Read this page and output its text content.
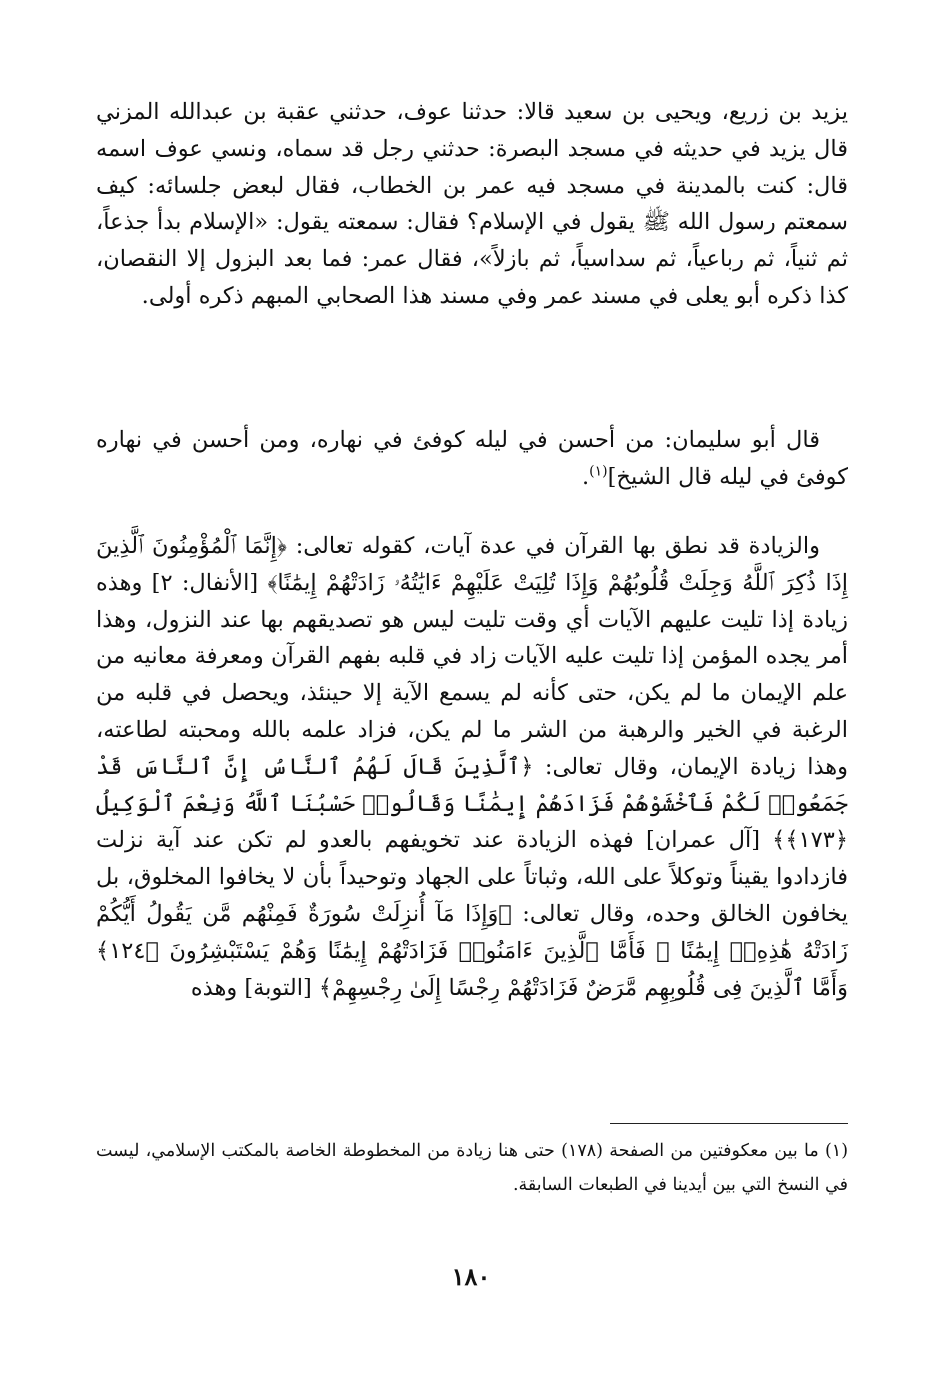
يزيد بن زريع، ويحيى بن سعيد قالا: حدثنا عوف، حدثني عقبة بن عبدالله المزني قال يزيد في حديثه في مسجد البصرة: حدثني رجل قد سماه، ونسي عوف اسمه قال: كنت بالمدينة في مسجد فيه عمر بن الخطاب، فقال لبعض جلسائه: كيف سمعتم رسول الله ﷺ يقول في الإسلام؟ فقال: سمعته يقول: «الإسلام بدأ جذعاً، ثم ثنياً، ثم رباعياً، ثم سداسياً، ثم بازلاً»، فقال عمر: فما بعد البزول إلا النقصان، كذا ذكره أبو يعلى في مسند عمر وفي مسند هذا الصحابي المبهم ذكره أولى.

قال أبو سليمان: من أحسن في ليله كوفئ في نهاره، ومن أحسن في نهاره كوفئ في ليله قال الشيخ]$^{(١)}$.

والزيادة قد نطق بها القرآن في عدة آيات، كقوله تعالى: ﴿إِنَّمَا ٱلْمُؤْمِنُونَ ٱلَّذِينَ إِذَا ذُكِرَ ٱللَّهُ وَجِلَتْ قُلُوبُهُمْ وَإِذَا تُلِيَتْ عَلَيْهِمْ ءَايَٰتُهُۥ زَادَتْهُمْ إِيمَٰنًا﴾ [الأنفال: ٢] وهذه زيادة إذا تليت عليهم الآيات أي وقت تليت ليس هو تصديقهم بها عند النزول، وهذا أمر يجده المؤمن إذا تليت عليه الآيات زاد في قلبه بفهم القرآن ومعرفة معانيه من علم الإيمان ما لم يكن، حتى كأنه لم يسمع الآية إلا حينئذ، ويحصل في قلبه من الرغبة في الخير والرهبة من الشر ما لم يكن، فزاد علمه بالله ومحبته لطاعته، وهذا زيادة الإيمان، وقال تعالى: ﴿ٱلَّذِينَ قَالَ لَهُمُ ٱلنَّاسُ إِنَّ ٱلنَّاسَ قَدْ جَمَعُوا۟ لَكُمْ فَٱخْشَوْهُمْ فَزَادَهُمْ إِيمَٰنًا وَقَالُوا۟ حَسْبُنَا ٱللَّهُ وَنِعْمَ ٱلْوَكِيلُ ﴿١٧٣﴾﴾ [آل عمران] فهذه الزيادة عند تخويفهم بالعدو لم تكن عند آية نزلت فازدادوا يقيناً وتوكلاً على الله، وثباتاً على الجهاد وتوحيداً بأن لا يخافوا المخلوق، بل يخافون الخالق وحده، وقال تعالى: ﴿وَإِذَا مَآ أُنزِلَتْ سُورَةٌ فَمِنْهُم مَّن يَقُولُ أَيُّكُمْ زَادَتْهُ هَٰذِهِۦٓ إِيمَٰنًا ۚ فَأَمَّا ٱلَّذِينَ ءَامَنُوا۟ فَزَادَتْهُمْ إِيمَٰنًا وَهُمْ يَسْتَبْشِرُونَ ﴿١٢٤﴾ وَأَمَّا ٱلَّذِينَ فِى قُلُوبِهِم مَّرَضٌ فَزَادَتْهُمْ رِجْسًا إِلَىٰ رِجْسِهِمْ﴾ [التوبة] وهذه

(١) ما بين معكوفتين من الصفحة (١٧٨) حتى هنا زيادة من المخطوطة الخاصة بالمكتب الإسلامي، ليست في النسخ التي بين أيدينا في الطبعات السابقة.

١٨٠
